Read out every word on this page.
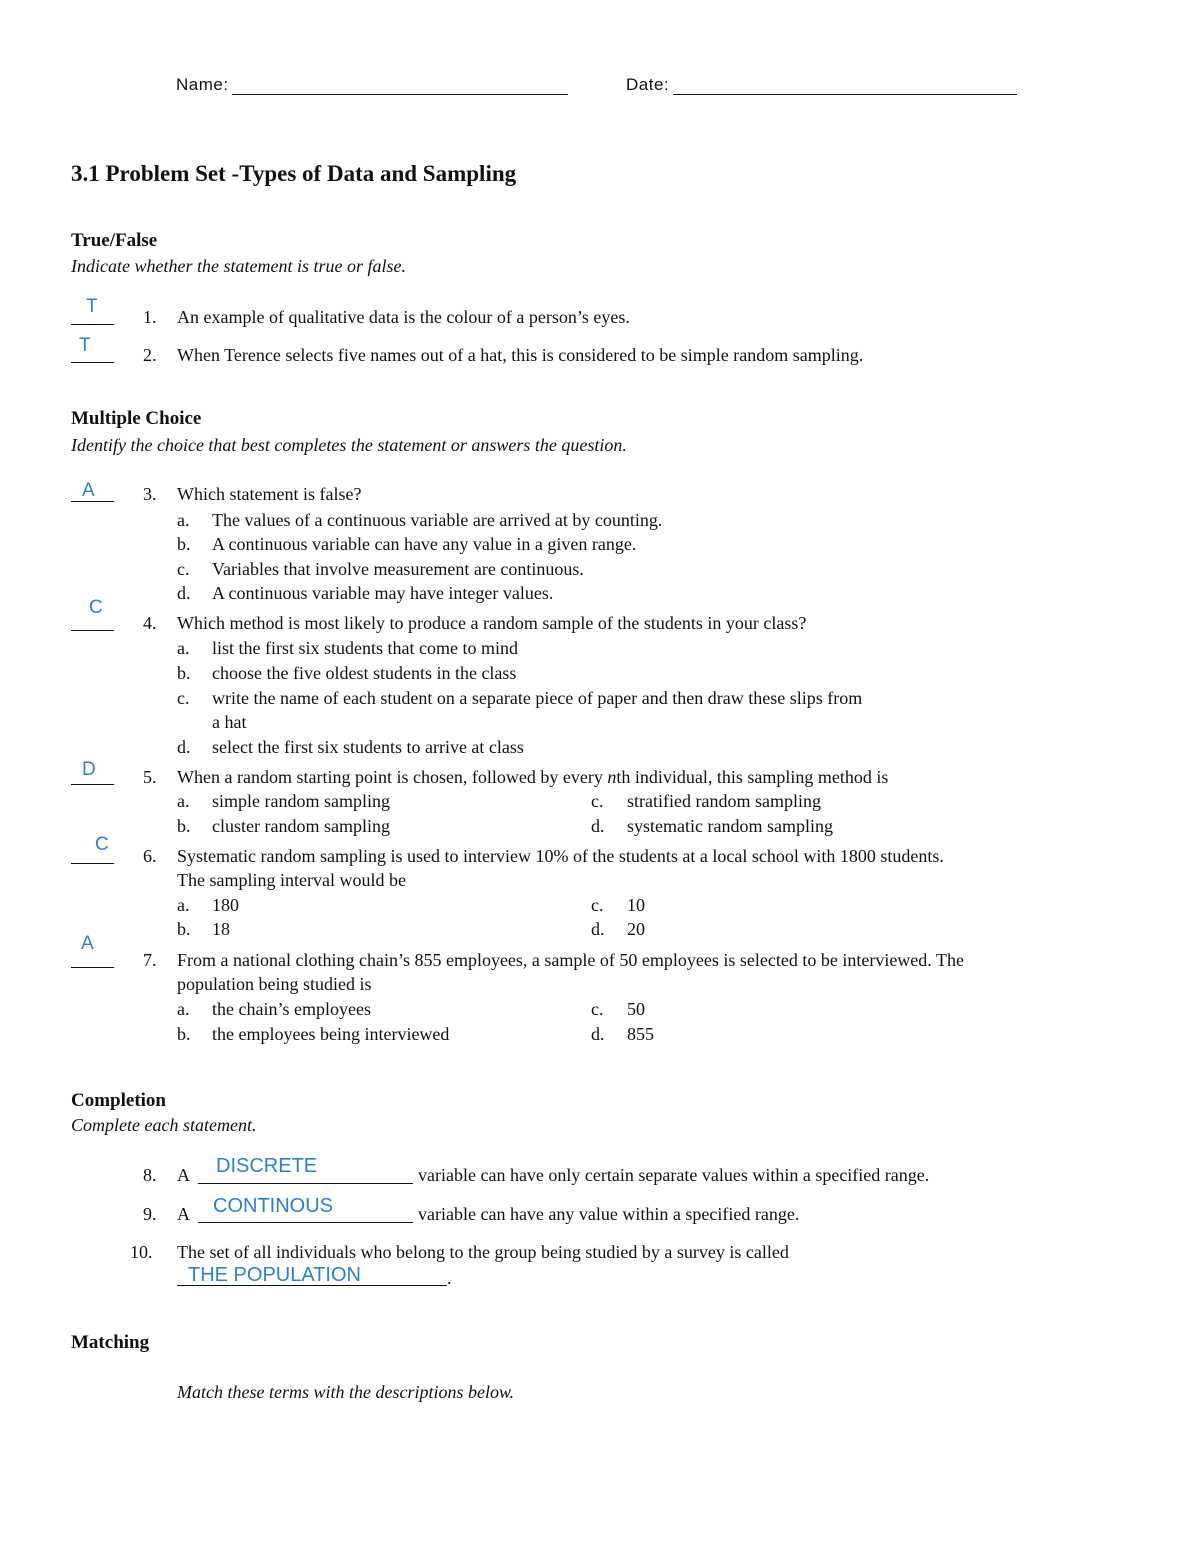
Name:	Date:
3.1 Problem Set -Types of Data and Sampling
True/False
Indicate whether the statement is true or false.
T	1. An example of qualitative data is the colour of a person’s eyes.
T	2. When Terence selects five names out of a hat, this is considered to be simple random sampling.
Multiple Choice
Identify the choice that best completes the statement or answers the question.
A	3. Which statement is false?
a. The values of a continuous variable are arrived at by counting.
b. A continuous variable can have any value in a given range.
c. Variables that involve measurement are continuous.
d. A continuous variable may have integer values.
C
4. Which method is most likely to produce a random sample of the students in your class?
a. list the first six students that come to mind
b. choose the five oldest students in the class
c. write the name of each student on a separate piece of paper and then draw these slips from
a hat
d. select the first six students to arrive at class
D	5. When a random starting point is chosen, followed by every nth individual, this sampling method is
a. simple random sampling
b. cluster random sampling
c. stratified random sampling
d. systematic random sampling
C
6. Systematic random sampling is used to interview 10% of the students at a local school with 1800 students.
The sampling interval would be
a. 180
b. 18
c. 10
d. 20
A
7. From a national clothing chain’s 855 employees, a sample of 50 employees is selected to be interviewed. The
population being studied is
a. the chain’s employees
b. the employees being interviewed
c. 50
d. 855
Completion
Complete each statement.
8. A DISCRETE	variable can have only certain separate values within a specified range.
9. A CONTINOUS	variable can have any value within a specified range.
10. The set of all individuals who belong to the group being studied by a survey is called
THE POPULATION	.
Matching
Match these terms with the descriptions below.
